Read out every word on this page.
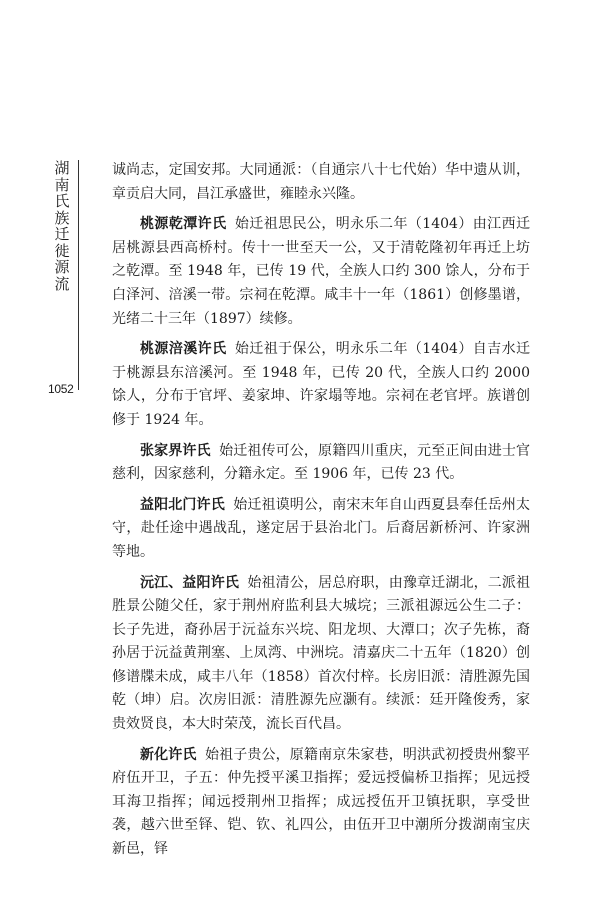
湖南氏族迁徙源流
1052

诚尚志，定国安邦。大同通派：（自通宗八十七代始）华中遗从训，章贡启大同，昌江承盛世，雍睦永兴隆。

桃源乾潭许氏 始迁祖思民公，明永乐二年（1404）由江西迁居桃源县西高桥村。传十一世至天一公，又于清乾隆初年再迁上坊之乾潭。至 1948 年，已传 19 代，全族人口约 300 馀人，分布于白泽河、涪溪一带。宗祠在乾潭。咸丰十一年（1861）创修墨谱，光绪二十三年（1897）续修。

桃源涪溪许氏 始迁祖于保公，明永乐二年（1404）自吉水迁于桃源县东涪溪河。至 1948 年，已传 20 代，全族人口约 2000 馀人，分布于官坪、姜家坤、许家塌等地。宗祠在老官坪。族谱创修于 1924 年。

张家界许氏 始迁祖传可公，原籍四川重庆，元至正间由进士官慈利，因家慈利，分籍永定。至 1906 年，已传 23 代。

益阳北门许氏 始迁祖谟明公，南宋末年自山西夏县奉任岳州太守，赴任途中遇战乱，遂定居于县治北门。后裔居新桥河、许家洲等地。

沅江、益阳许氏 始祖清公，居总府职，由豫章迁湖北，二派祖胜景公随父任，家于荆州府监利县大城垸；三派祖源远公生二子：长子先进，裔孙居于沅益东兴垸、阳龙坝、大潭口；次子先栋，裔孙居于沅益黄荆塞、上凤湾、中洲垸。清嘉庆二十五年（1820）创修谱牒未成，咸丰八年（1858）首次付梓。长房旧派：清胜源先国乾（坤）启。次房旧派：清胜源先应灏有。续派：廷开隆俊秀，家贵效贤良，本大时荣茂，流长百代昌。

新化许氏 始祖子贵公，原籍南京朱家巷，明洪武初授贵州黎平府伍开卫，子五：仲先授平溪卫指挥；爱远授偏桥卫指挥；见远授耳海卫指挥；闻远授荆州卫指挥；成远授伍开卫镇抚职，享受世袭，越六世至铎、铠、钦、礼四公，由伍开卫中潮所分拨湖南宝庆新邑，铎
